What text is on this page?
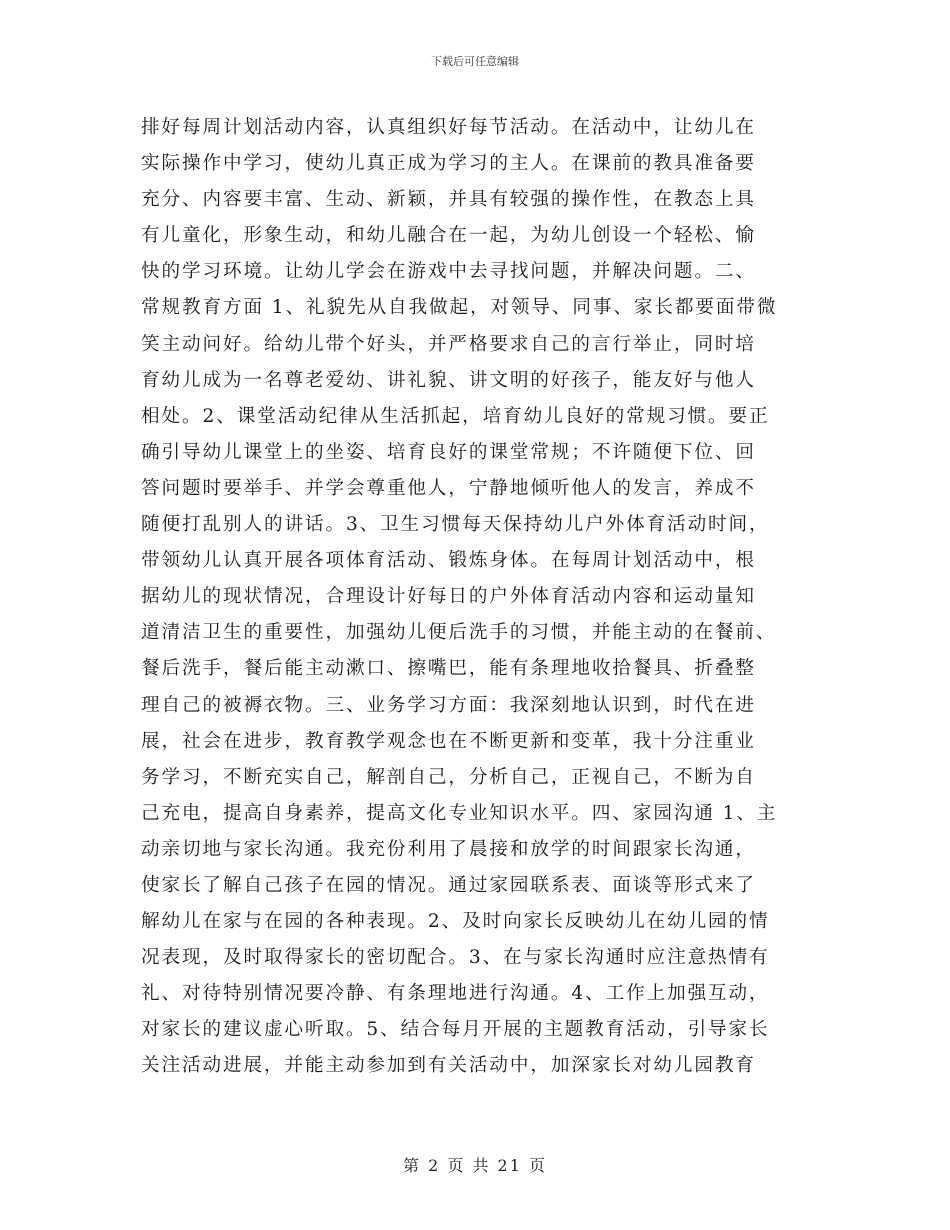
下载后可任意编辑
排好每周计划活动内容，认真组织好每节活动。在活动中，让幼儿在
实际操作中学习，使幼儿真正成为学习的主人。在课前的教具准备要
充分、内容要丰富、生动、新颖，并具有较强的操作性，在教态上具
有儿童化，形象生动，和幼儿融合在一起，为幼儿创设一个轻松、愉
快的学习环境。让幼儿学会在游戏中去寻找问题，并解决问题。二、
常规教育方面 1、礼貌先从自我做起，对领导、同事、家长都要面带微
笑主动问好。给幼儿带个好头，并严格要求自己的言行举止，同时培
育幼儿成为一名尊老爱幼、讲礼貌、讲文明的好孩子，能友好与他人
相处。2、课堂活动纪律从生活抓起，培育幼儿良好的常规习惯。要正
确引导幼儿课堂上的坐姿、培育良好的课堂常规；不许随便下位、回
答问题时要举手、并学会尊重他人，宁静地倾听他人的发言，养成不
随便打乱别人的讲话。3、卫生习惯每天保持幼儿户外体育活动时间，
带领幼儿认真开展各项体育活动、锻炼身体。在每周计划活动中，根
据幼儿的现状情况，合理设计好每日的户外体育活动内容和运动量知
道清洁卫生的重要性，加强幼儿便后洗手的习惯，并能主动的在餐前、
餐后洗手，餐后能主动漱口、擦嘴巴，能有条理地收拾餐具、折叠整
理自己的被褥衣物。三、业务学习方面：我深刻地认识到，时代在进
展，社会在进步，教育教学观念也在不断更新和变革，我十分注重业
务学习，不断充实自己，解剖自己，分析自己，正视自己，不断为自
己充电，提高自身素养，提高文化专业知识水平。四、家园沟通 1、主
动亲切地与家长沟通。我充份利用了晨接和放学的时间跟家长沟通，
使家长了解自己孩子在园的情况。通过家园联系表、面谈等形式来了
解幼儿在家与在园的各种表现。2、及时向家长反映幼儿在幼儿园的情
况表现，及时取得家长的密切配合。3、在与家长沟通时应注意热情有
礼、对待特别情况要冷静、有条理地进行沟通。4、工作上加强互动，
对家长的建议虚心听取。5、结合每月开展的主题教育活动，引导家长
关注活动进展，并能主动参加到有关活动中，加深家长对幼儿园教育
第 2 页 共 21 页
